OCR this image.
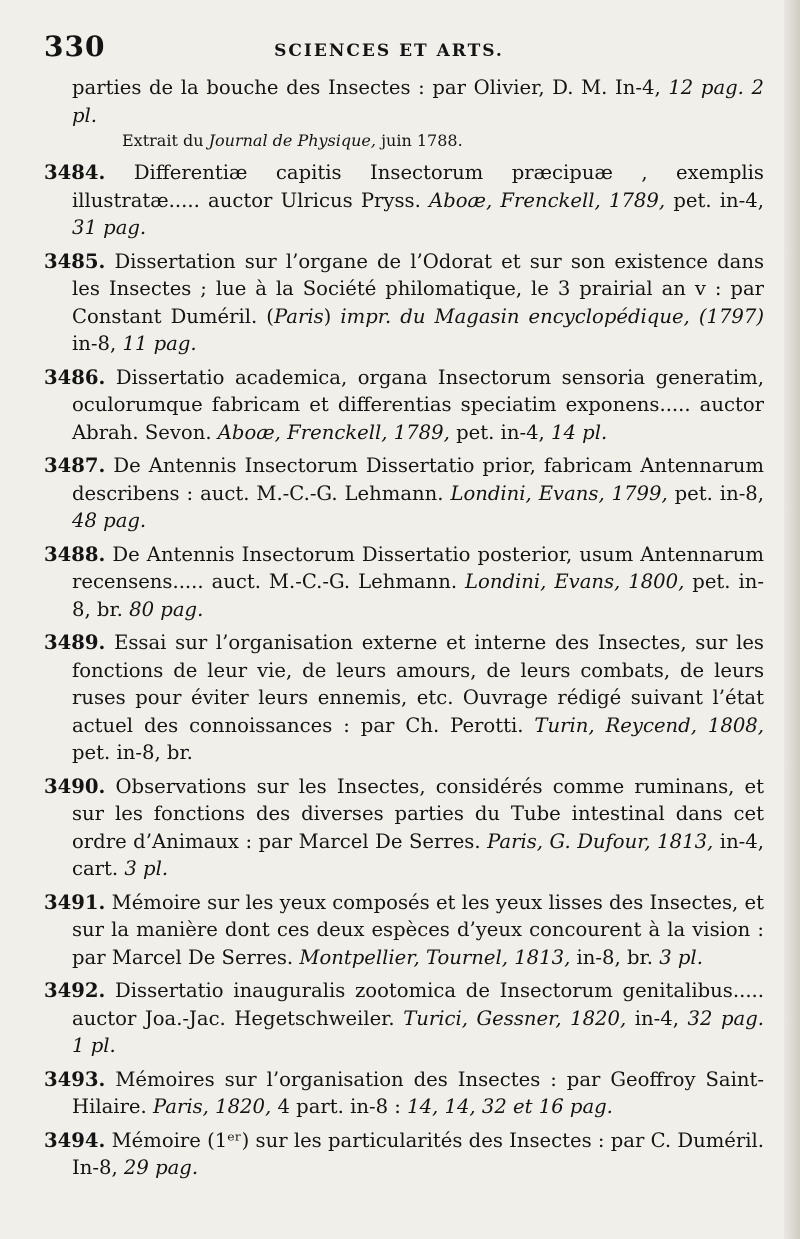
330	SCIENCES ET ARTS.

parties de la bouche des Insectes : par Olivier, D. M. In-4, 12 pag. 2 pl.

Extrait du Journal de Physique, juin 1788.

3484. Differentiæ capitis Insectorum præcipuæ , exemplis illustratæ..... auctor Ulricus Pryss. Aboæ, Frenckell, 1789, pet. in-4, 31 pag.

3485. Dissertation sur l’organe de l’Odorat et sur son existence dans les Insectes ; lue à la Société philomatique, le 3 prairial an v : par Constant Duméril. (Paris) impr. du Magasin encyclopédique, (1797) in-8, 11 pag.

3486. Dissertatio academica, organa Insectorum sensoria generatim, oculorumque fabricam et differentias speciatim exponens..... auctor Abrah. Sevon. Aboæ, Frenckell, 1789, pet. in-4, 14 pl.

3487. De Antennis Insectorum Dissertatio prior, fabricam Antennarum describens : auct. M.-C.-G. Lehmann. Londini, Evans, 1799, pet. in-8, 48 pag.

3488. De Antennis Insectorum Dissertatio posterior, usum Antennarum recensens..... auct. M.-C.-G. Lehmann. Londini, Evans, 1800, pet. in-8, br. 80 pag.

3489. Essai sur l’organisation externe et interne des Insectes, sur les fonctions de leur vie, de leurs amours, de leurs combats, de leurs ruses pour éviter leurs ennemis, etc. Ouvrage rédigé suivant l’état actuel des connoissances : par Ch. Perotti. Turin, Reycend, 1808, pet. in-8, br.

3490. Observations sur les Insectes, considérés comme ruminans, et sur les fonctions des diverses parties du Tube intestinal dans cet ordre d’Animaux : par Marcel De Serres. Paris, G. Dufour, 1813, in-4, cart. 3 pl.

3491. Mémoire sur les yeux composés et les yeux lisses des Insectes, et sur la manière dont ces deux espèces d’yeux concourent à la vision : par Marcel De Serres. Montpellier, Tournel, 1813, in-8, br. 3 pl.

3492. Dissertatio inauguralis zootomica de Insectorum genitalibus..... auctor Joa.-Jac. Hegetschweiler. Turici, Gessner, 1820, in-4, 32 pag. 1 pl.

3493. Mémoires sur l’organisation des Insectes : par Geoffroy Saint-Hilaire. Paris, 1820, 4 part. in-8 : 14, 14, 32 et 16 pag.

3494. Mémoire (1ᵉʳ) sur les particularités des Insectes : par C. Duméril. In-8, 29 pag.
